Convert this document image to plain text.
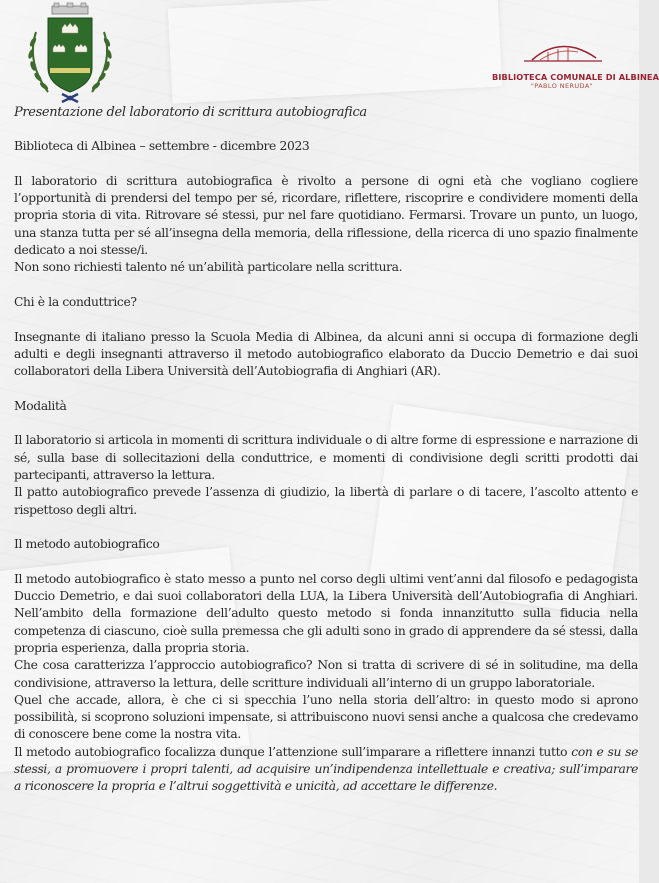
BIBLIOTECA COMUNALE DI ALBINEA
"PABLO NERUDA"

Presentazione del laboratorio di scrittura autobiografica

Biblioteca di Albinea – settembre - dicembre 2023

Il laboratorio di scrittura autobiografica è rivolto a persone di ogni età che vogliano cogliere l’opportunità di prendersi del tempo per sé, ricordare, riflettere, riscoprire e condividere momenti della propria storia di vita. Ritrovare sé stessi, pur nel fare quotidiano. Fermarsi. Trovare un punto, un luogo, una stanza tutta per sé all’insegna della memoria, della riflessione, della ricerca di uno spazio finalmente dedicato a noi stesse/i.

Non sono richiesti talento né un’abilità particolare nella scrittura.

Chi è la conduttrice?

Insegnante di italiano presso la Scuola Media di Albinea, da alcuni anni si occupa di formazione degli adulti e degli insegnanti attraverso il metodo autobiografico elaborato da Duccio Demetrio e dai suoi collaboratori della Libera Università dell’Autobiografia di Anghiari (AR).

Modalità

Il laboratorio si articola in momenti di scrittura individuale o di altre forme di espressione e narrazione di sé, sulla base di sollecitazioni della conduttrice, e momenti di condivisione degli scritti prodotti dai partecipanti, attraverso la lettura.

Il patto autobiografico prevede l’assenza di giudizio, la libertà di parlare o di tacere, l’ascolto attento e rispettoso degli altri.

Il metodo autobiografico

Il metodo autobiografico è stato messo a punto nel corso degli ultimi vent’anni dal filosofo e pedagogista Duccio Demetrio, e dai suoi collaboratori della LUA, la Libera Università dell’Autobiografia di Anghiari. Nell’ambito della formazione dell’adulto questo metodo si fonda innanzitutto sulla fiducia nella competenza di ciascuno, cioè sulla premessa che gli adulti sono in grado di apprendere da sé stessi, dalla propria esperienza, dalla propria storia.

Che cosa caratterizza l’approccio autobiografico? Non si tratta di scrivere di sé in solitudine, ma della condivisione, attraverso la lettura, delle scritture individuali all’interno di un gruppo laboratoriale.

Quel che accade, allora, è che ci si specchia l’uno nella storia dell’altro: in questo modo si aprono possibilità, si scoprono soluzioni impensate, si attribuiscono nuovi sensi anche a qualcosa che credevamo di conoscere bene come la nostra vita.

Il metodo autobiografico focalizza dunque l’attenzione sull’imparare a riflettere innanzi tutto con e su se stessi, a promuovere i propri talenti, ad acquisire un’indipendenza intellettuale e creativa; sull’imparare a riconoscere la propria e l’altrui soggettività e unicità, ad accettare le differenze.
